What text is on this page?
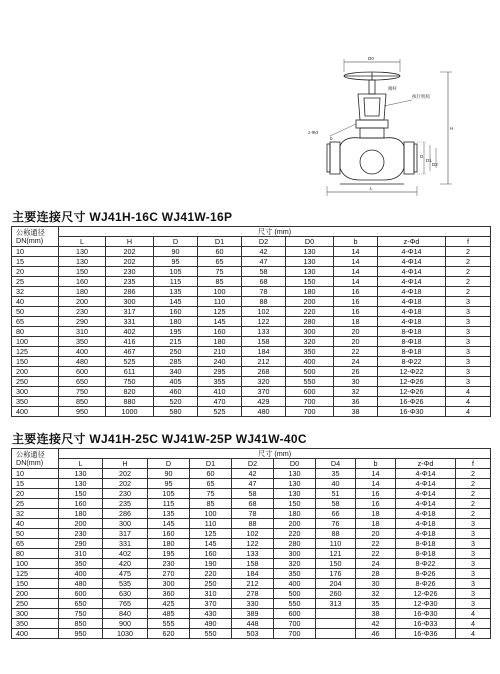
D0
H
D
D1
D2
z-Φd
b
L
执行机构
阀杆
主要连接尺寸 WJ41H-16C WJ41W-16P
公称通径 DN(mm)	尺寸 (mm)								
	L	H	D	D1	D2	D0	b	z-Φd	f
10	130	202	90	60	42	130	14	4-Φ14	2
15	130	202	95	65	47	130	14	4-Φ14	2
20	150	230	105	75	58	130	14	4-Φ14	2
25	160	235	115	85	68	150	14	4-Φ14	2
32	180	286	135	100	78	180	16	4-Φ18	2
40	200	300	145	110	88	200	16	4-Φ18	3
50	230	317	160	125	102	220	16	4-Φ18	3
65	290	331	180	145	122	280	18	4-Φ18	3
80	310	402	195	160	133	300	20	8-Φ18	3
100	350	416	215	180	158	320	20	8-Φ18	3
125	400	467	250	210	184	350	22	8-Φ18	3
150	480	525	285	240	212	400	24	8-Φ22	3
200	600	611	340	295	268	500	26	12-Φ22	3
250	650	750	405	355	320	550	30	12-Φ26	3
300	750	820	460	410	370	600	32	12-Φ26	4
350	850	880	520	470	429	700	36	16-Φ26	4
400	950	1000	580	525	480	700	38	16-Φ30	4
主要连接尺寸 WJ41H-25C WJ41W-25P WJ41W-40C
公称通径 DN(mm)	尺寸 (mm)									
	L	H	D	D1	D2	D0	D4	b	z-Φd	f
10	130	202	90	60	42	130	35	14	4-Φ14	2
15	130	202	95	65	47	130	40	14	4-Φ14	2
20	150	230	105	75	58	130	51	16	4-Φ14	2
25	160	235	115	85	68	150	58	16	4-Φ14	2
32	180	286	135	100	78	180	66	18	4-Φ18	2
40	200	300	145	110	88	200	76	18	4-Φ18	3
50	230	317	160	125	102	220	88	20	4-Φ18	3
65	290	331	180	145	122	280	110	22	8-Φ18	3
80	310	402	195	160	133	300	121	22	8-Φ18	3
100	350	420	230	190	158	320	150	24	8-Φ22	3
125	400	475	270	220	184	350	176	28	8-Φ26	3
150	480	535	300	250	212	400	204	30	8-Φ26	3
200	600	630	360	310	278	500	260	32	12-Φ26	3
250	650	765	425	370	330	550	313	35	12-Φ30	3
300	750	840	485	430	389	600		38	16-Φ30	4
350	850	900	555	490	448	700		42	16-Φ33	4
400	950	1030	620	550	503	700		46	16-Φ36	4
